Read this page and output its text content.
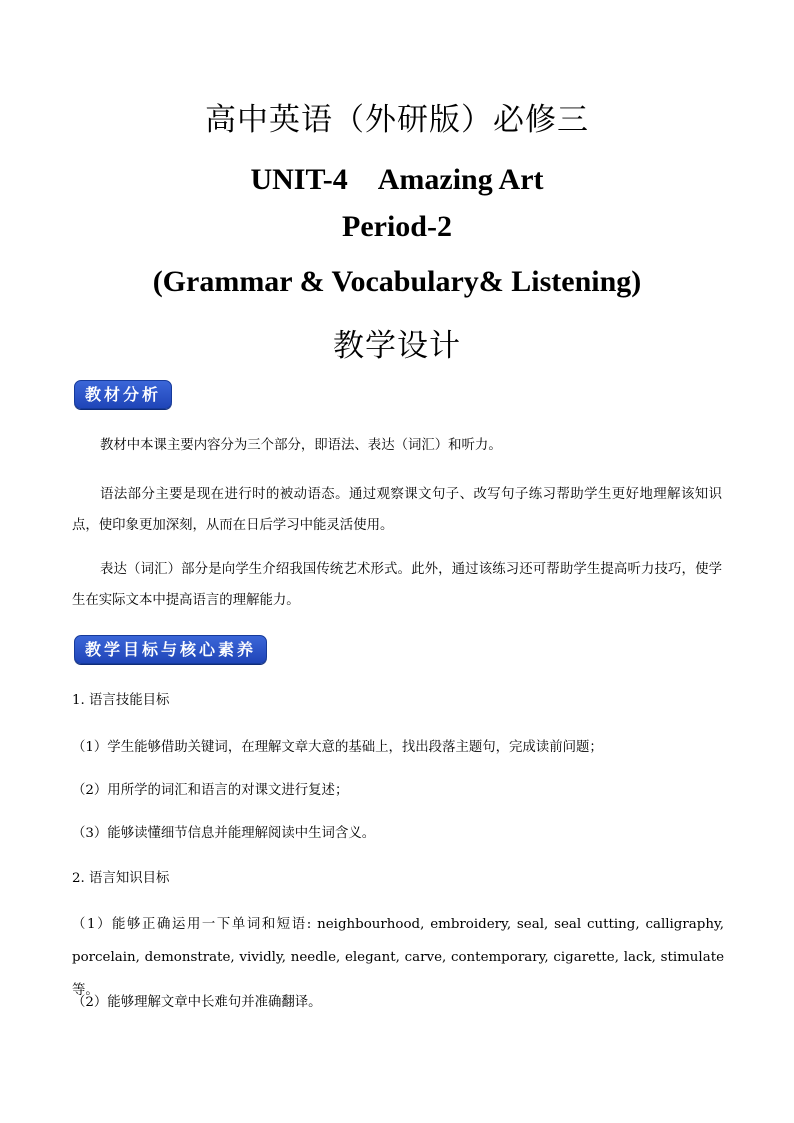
高中英语（外研版）必修三
UNIT-4　Amazing Art
Period-2
(Grammar & Vocabulary& Listening)
教学设计
教材分析
教材中本课主要内容分为三个部分，即语法、表达（词汇）和听力。
语法部分主要是现在进行时的被动语态。通过观察课文句子、改写句子练习帮助学生更好地理解该知识点，使印象更加深刻，从而在日后学习中能灵活使用。
表达（词汇）部分是向学生介绍我国传统艺术形式。此外，通过该练习还可帮助学生提高听力技巧，使学生在实际文本中提高语言的理解能力。
教学目标与核心素养
1. 语言技能目标
（1）学生能够借助关键词，在理解文章大意的基础上，找出段落主题句，完成读前问题；
（2）用所学的词汇和语言的对课文进行复述；
（3）能够读懂细节信息并能理解阅读中生词含义。
2. 语言知识目标
（1）能够正确运用一下单词和短语: neighbourhood, embroidery, seal, seal cutting, calligraphy, porcelain, demonstrate, vividly, needle, elegant, carve, contemporary, cigarette, lack, stimulate 等。
（2）能够理解文章中长难句并准确翻译。
